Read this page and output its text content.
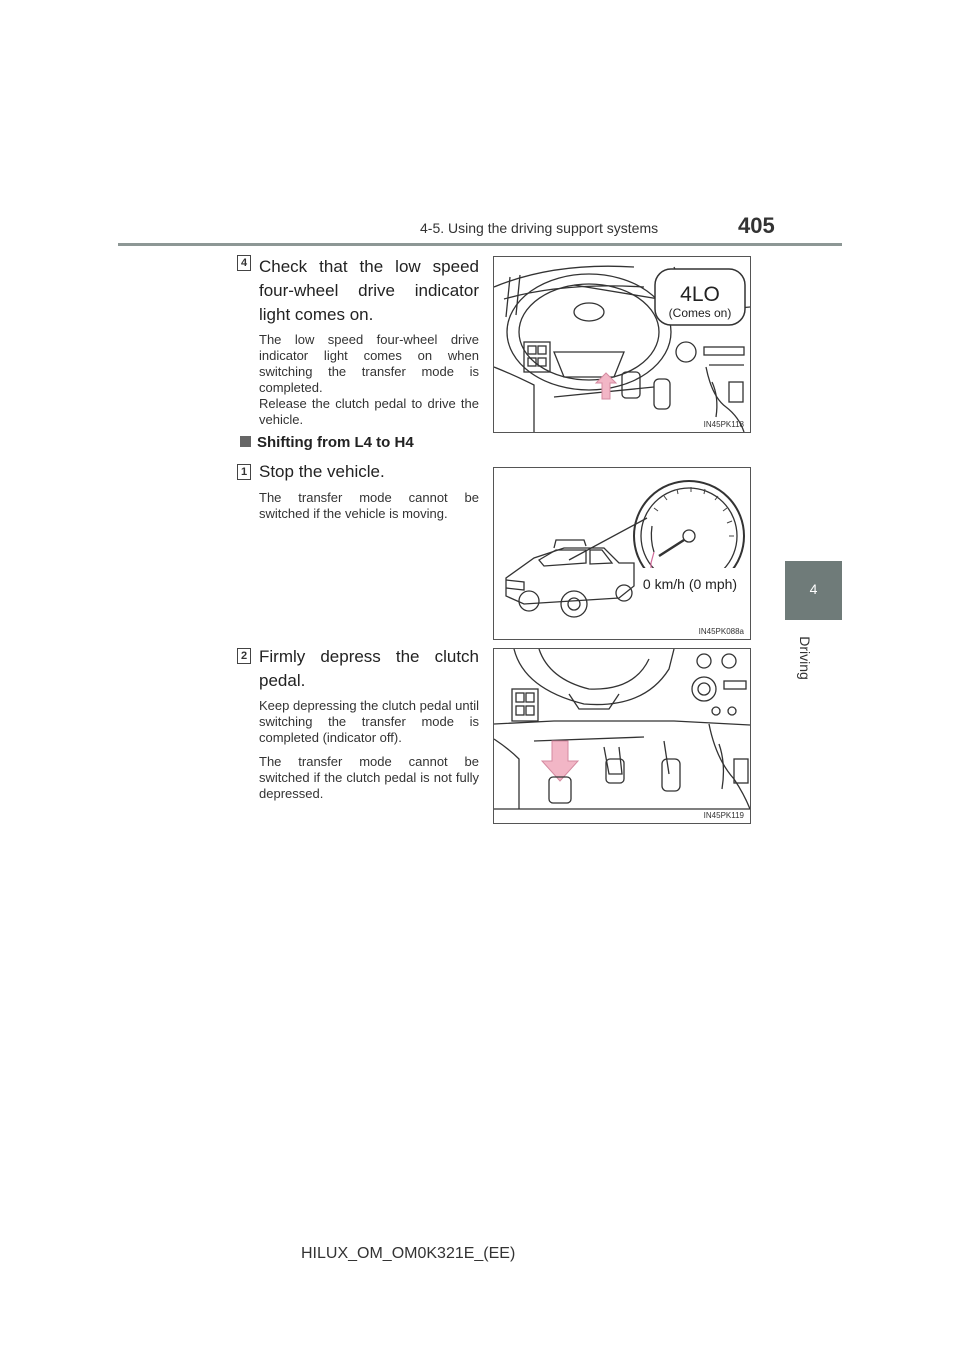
4-5. Using the driving support systems	405
4
Driving
4 Check that the low speed four-wheel drive indicator light comes on.

The low speed four-wheel drive indicator light comes on when switching the transfer mode is completed.

Release the clutch pedal to drive the vehicle.

4LO
(Comes on)
IN45PK118
Shifting from L4 to H4
1 Stop the vehicle.

The transfer mode cannot be switched if the vehicle is moving.

0 km/h (0 mph)
IN45PK088a
2 Firmly depress the clutch pedal.

Keep depressing the clutch pedal until switching the transfer mode is completed (indicator off).

The transfer mode cannot be switched if the clutch pedal is not fully depressed.

IN45PK119
HILUX_OM_OM0K321E_(EE)
